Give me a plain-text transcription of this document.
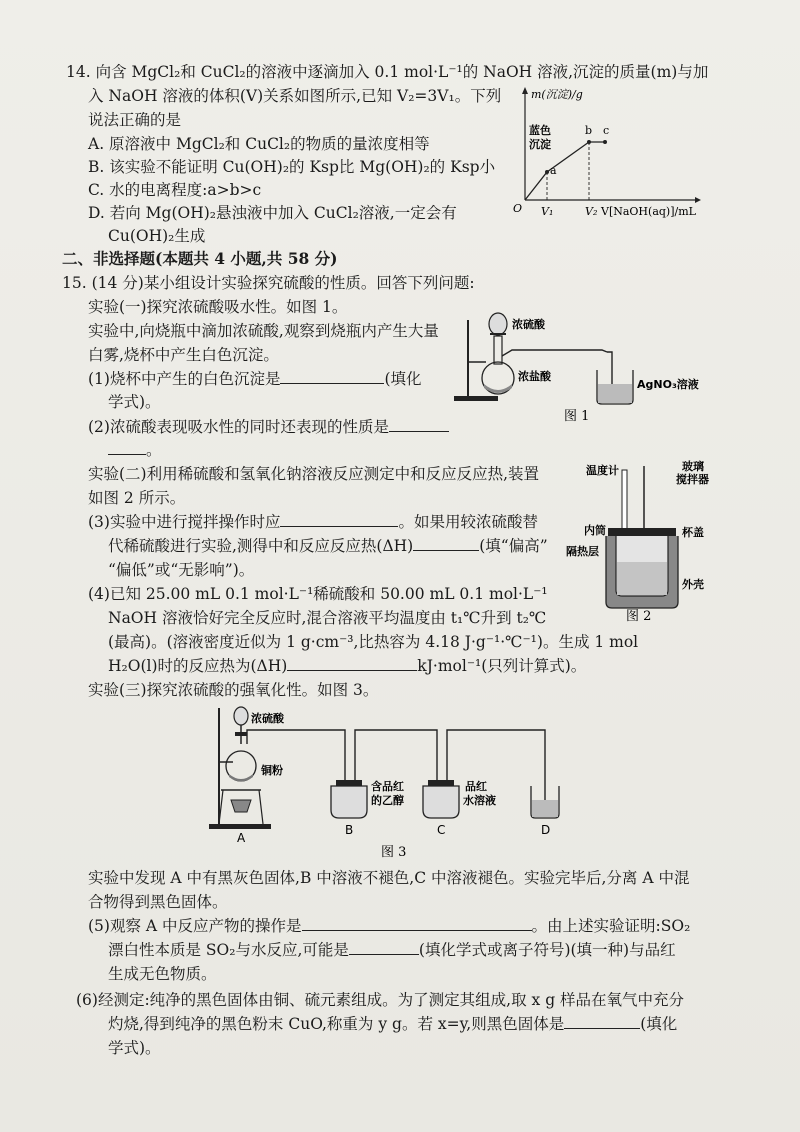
14. 向含 MgCl₂和 CuCl₂的溶液中逐滴加入 0.1 mol·L⁻¹的 NaOH 溶液,沉淀的质量(m)与加
入 NaOH 溶液的体积(V)关系如图所示,已知 V₂=3V₁。下列
说法正确的是
A. 原溶液中 MgCl₂和 CuCl₂的物质的量浓度相等
B. 该实验不能证明 Cu(OH)₂的 Ksp比 Mg(OH)₂的 Ksp小
C. 水的电离程度:a>b>c
D. 若向 Mg(OH)₂悬浊液中加入 CuCl₂溶液,一定会有
Cu(OH)₂生成
m(沉淀)/g
O V₁	V₂ V[NaOH(aq)]/mL
a
b c
蓝色
沉淀
二、非选择题(本题共 4 小题,共 58 分)
15. (14 分)某小组设计实验探究硫酸的性质。回答下列问题:
实验(一)探究浓硫酸吸水性。如图 1。
实验中,向烧瓶中滴加浓硫酸,观察到烧瓶内产生大量
白雾,烧杯中产生白色沉淀。
(1)烧杯中产生的白色沉淀是	(填化
学式)。
(2)浓硫酸表现吸水性的同时还表现的性质是
。
浓硫酸
浓盐酸
AgNO₃溶液
图 1
实验(二)利用稀硫酸和氢氧化钠溶液反应测定中和反应反应热,装置
如图 2 所示。
(3)实验中进行搅拌操作时应	。如果用较浓硫酸替
代稀硫酸进行实验,测得中和反应反应热(ΔH)	(填“偏高”
“偏低”或“无影响”)。
(4)已知 25.00 mL 0.1 mol·L⁻¹稀硫酸和 50.00 mL 0.1 mol·L⁻¹
NaOH 溶液恰好完全反应时,混合溶液平均温度由 t₁℃升到 t₂℃
(最高)。(溶液密度近似为 1 g·cm⁻³,比热容为 4.18 J·g⁻¹·℃⁻¹)。生成 1 mol
H₂O(l)时的反应热为(ΔH)	kJ·mol⁻¹(只列计算式)。
温度计	玻璃
搅拌器
内筒	杯盖
隔热层
外壳
图 2
实验(三)探究浓硫酸的强氧化性。如图 3。
浓硫酸
铜粉
含品红
的乙醇
品红
水溶液
A
B	C	D
图 3
实验中发现 A 中有黑灰色固体,B 中溶液不褪色,C 中溶液褪色。实验完毕后,分离 A 中混
合物得到黑色固体。
(5)观察 A 中反应产物的操作是	。由上述实验证明:SO₂
漂白性本质是 SO₂与水反应,可能是	(填化学式或离子符号)(填一种)与品红
生成无色物质。
(6)经测定:纯净的黑色固体由铜、硫元素组成。为了测定其组成,取 x g 样品在氧气中充分
灼烧,得到纯净的黑色粉末 CuO,称重为 y g。若 x=y,则黑色固体是	(填化
学式)。
